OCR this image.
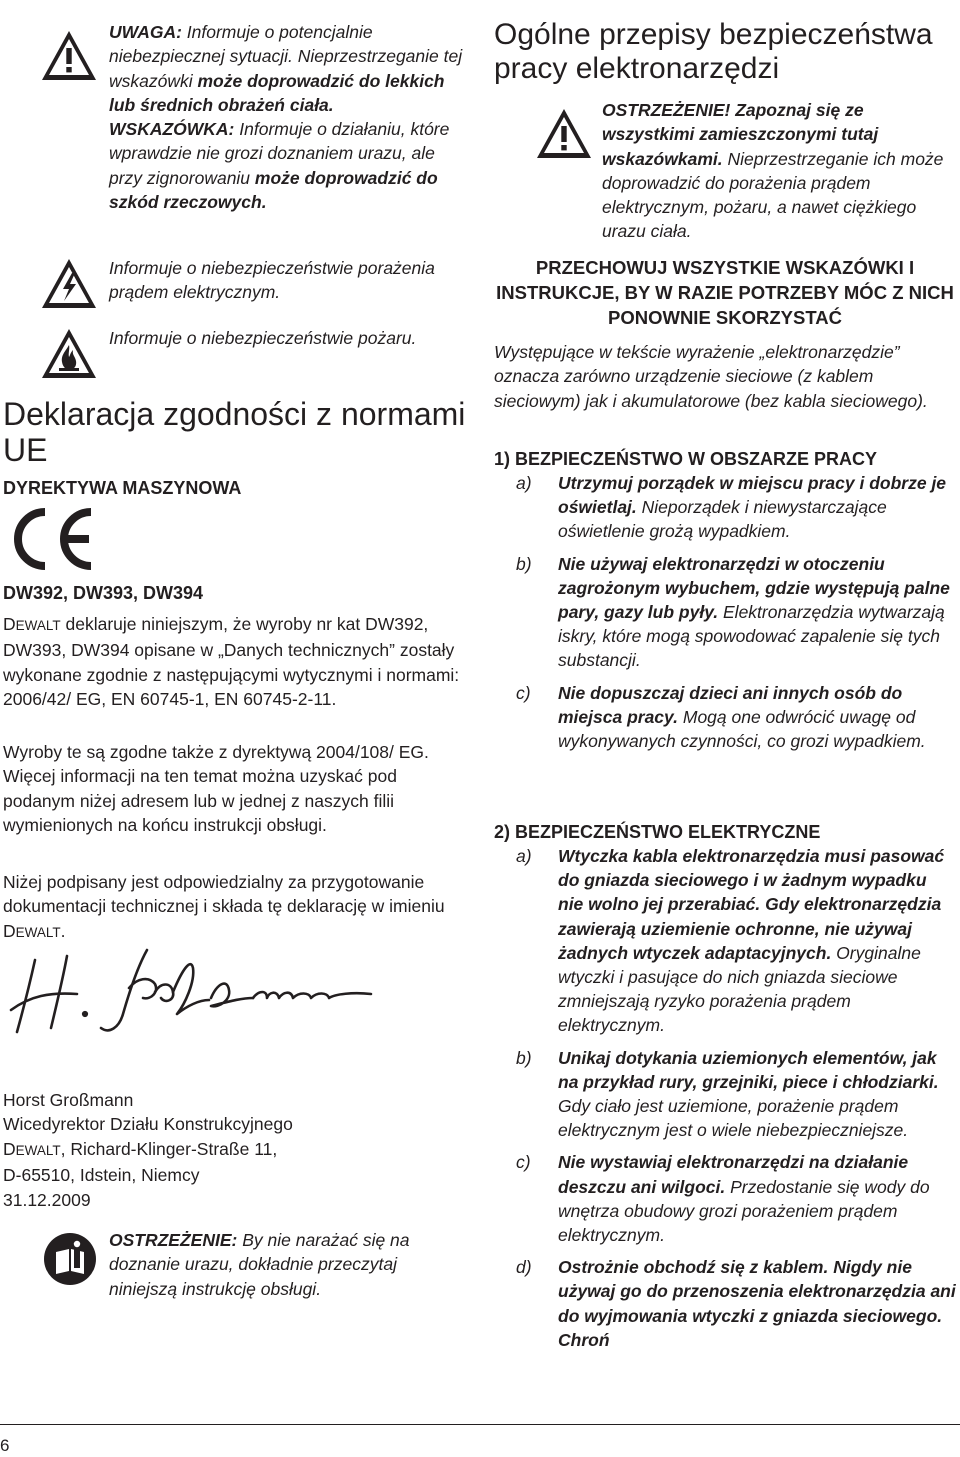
UWAGA: Informuje o potencjalnie niebezpiecznej sytuacji. Nieprzestrzeganie tej wskazówki może doprowadzić do lekkich lub średnich obrażeń ciała.

WSKAZÓWKA: Informuje o działaniu, które wprawdzie nie grozi doznaniem urazu, ale przy zignorowaniu może doprowadzić do szkód rzeczowych.

Informuje o niebezpieczeństwie porażenia prądem elektrycznym.
Informuje o niebezpieczeństwie pożaru.
Deklaracja zgodności z normami UE
DYREKTYWA MASZYNOWA
DW392, DW393, DW394

DEWALT deklaruje niniejszym, że wyroby nr kat DW392, DW393, DW394 opisane w „Danych technicznych” zostały wykonane zgodnie z następującymi wytycznymi i normami: 2006/42/ EG, EN 60745-1, EN 60745-2-11.

Wyroby te są zgodne także z dyrektywą 2004/108/ EG. Więcej informacji na ten temat można uzyskać pod podanym niżej adresem lub w jednej z naszych filii wymienionych na końcu instrukcji obsługi.

Niżej podpisany jest odpowiedzialny za przygotowanie dokumentacji technicznej i składa tę deklarację w imieniu DEWALT.

Horst Großmann
Wicedyrektor Działu Konstrukcyjnego
DEWALT, Richard-Klinger-Straße 11,
D-65510, Idstein, Niemcy
31.12.2009
OSTRZEŻENIE: By nie narażać się na doznanie urazu, dokładnie przeczytaj niniejszą instrukcję obsługi.
Ogólne przepisy bezpieczeństwa pracy elektronarzędzi
OSTRZEŻENIE! Zapoznaj się ze wszystkimi zamieszczonymi tutaj wskazówkami. Nieprzestrzeganie ich może doprowadzić do porażenia prądem elektrycznym, pożaru, a nawet ciężkiego urazu ciała.

PRZECHOWUJ WSZYSTKIE WSKAZÓWKI I INSTRUKCJE, BY W RAZIE POTRZEBY MÓC Z NICH PONOWNIE SKORZYSTAĆ

Występujące w tekście wyrażenie „elektronarzędzie” oznacza zarówno urządzenie sieciowe (z kablem sieciowym) jak i akumulatorowe (bez kabla sieciowego).

1) BEZPIECZEŃSTWO W OBSZARZE PRACY
a) Utrzymuj porządek w miejscu pracy i dobrze je oświetlaj. Nieporządek i niewystarczające oświetlenie grożą wypadkiem.
b) Nie używaj elektronarzędzi w otoczeniu zagrożonym wybuchem, gdzie występują palne pary, gazy lub pyły. Elektronarzędzia wytwarzają iskry, które mogą spowodować zapalenie się tych substancji.
c) Nie dopuszczaj dzieci ani innych osób do miejsca pracy. Mogą one odwrócić uwagę od wykonywanych czynności, co grozi wypadkiem.
2) BEZPIECZEŃSTWO ELEKTRYCZNE
a) Wtyczka kabla elektronarzędzia musi pasować do gniazda sieciowego i w żadnym wypadku nie wolno jej przerabiać. Gdy elektronarzędzia zawierają uziemienie ochronne, nie używaj żadnych wtyczek adaptacyjnych. Oryginalne wtyczki i pasujące do nich gniazda sieciowe zmniejszają ryzyko porażenia prądem elektrycznym.
b) Unikaj dotykania uziemionych elementów, jak na przykład rury, grzejniki, piece i chłodziarki. Gdy ciało jest uziemione, porażenie prądem elektrycznym jest o wiele niebezpieczniejsze.
c) Nie wystawiaj elektronarzędzi na działanie deszczu ani wilgoci. Przedostanie się wody do wnętrza obudowy grozi porażeniem prądem elektrycznym.
d) Ostrożnie obchodź się z kablem. Nigdy nie używaj go do przenoszenia elektronarzędzia ani do wyjmowania wtyczki z gniazda sieciowego. Chroń
6
